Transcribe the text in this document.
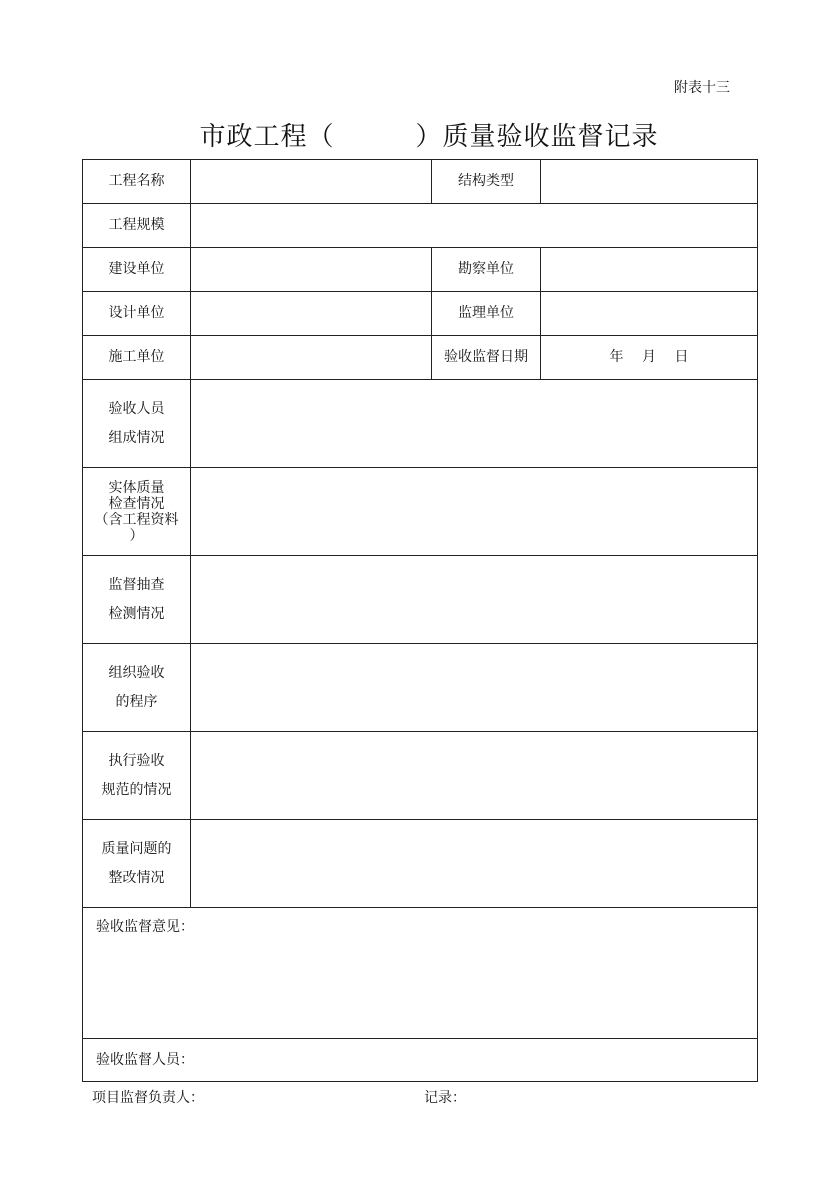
附表十三
市政工程（　　　）质量验收监督记录
工程名称		结构类型	
工程规模			
建设单位		勘察单位	
设计单位		监理单位	
施工单位		验收监督日期	年　 月　 日

验收人员
组成情况			

实体质量
检查情况
（含工程资料
）			

监督抽查
检测情况			

组织验收
的程序			

执行验收
规范的情况			

质量问题的
整改情况			

验收监督意见：			
验收监督人员：			
项目监督负责人：	记录：
